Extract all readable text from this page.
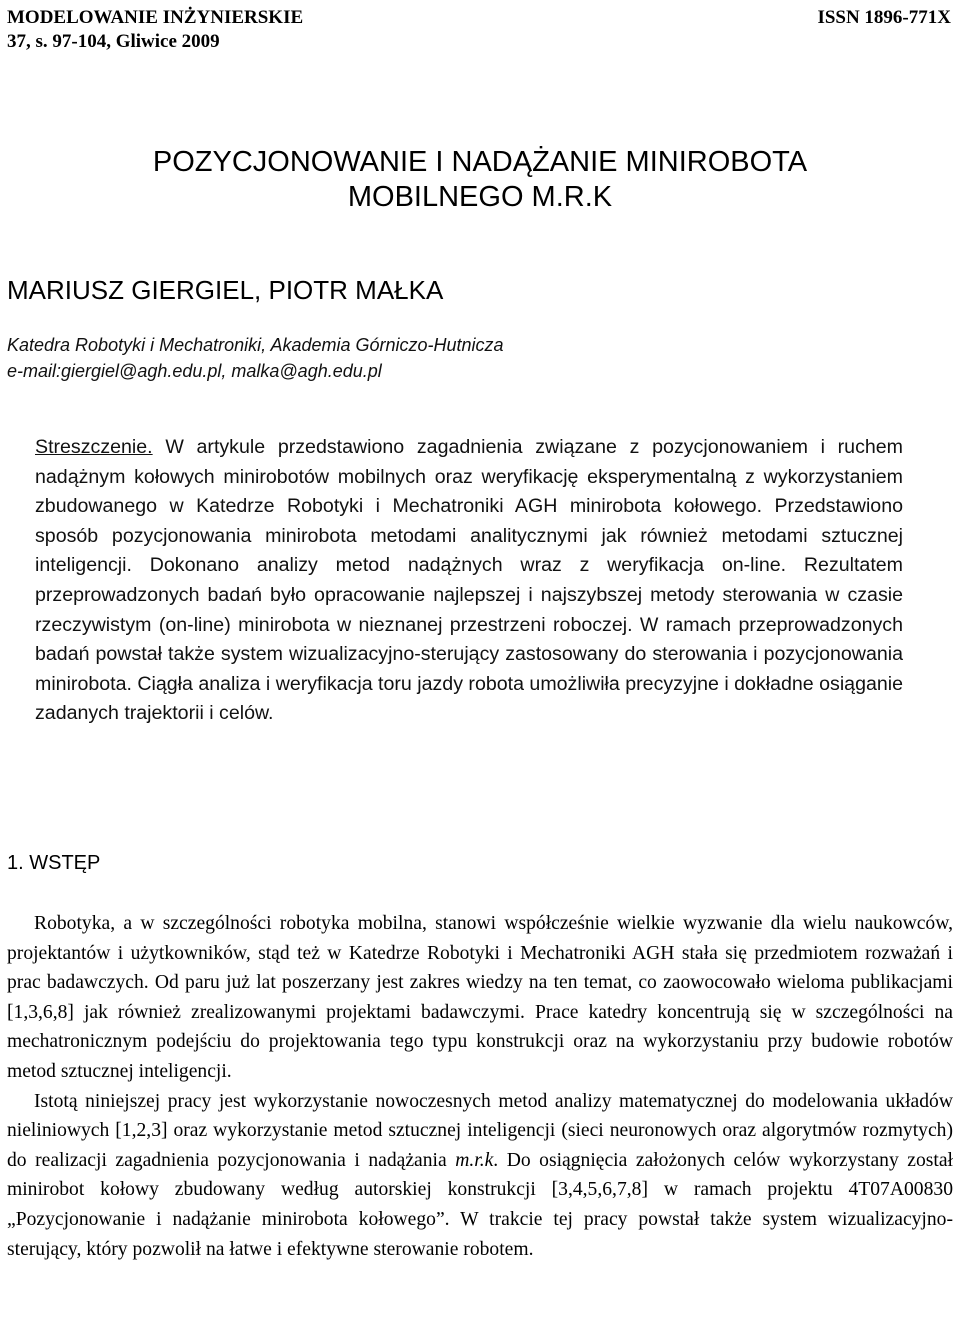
MODELOWANIE INŻYNIERSKIE
37, s. 97-104, Gliwice 2009
ISSN 1896-771X
POZYCJONOWANIE I NADĄŻANIE MINIROBOTA
MOBILNEGO M.R.K
MARIUSZ GIERGIEL, PIOTR MAŁKA
Katedra Robotyki i Mechatroniki, Akademia Górniczo-Hutnicza
e-mail:giergiel@agh.edu.pl, malka@agh.edu.pl
Streszczenie. W artykule przedstawiono zagadnienia związane z pozycjonowaniem i ruchem nadążnym kołowych minirobotów mobilnych oraz weryfikację eksperymentalną z wykorzystaniem zbudowanego w Katedrze Robotyki i Mechatroniki AGH minirobota kołowego. Przedstawiono sposób pozycjonowania minirobota metodami analitycznymi jak również metodami sztucznej inteligencji. Dokonano analizy metod nadążnych wraz z weryfikacja on-line. Rezultatem przeprowadzonych badań było opracowanie najlepszej i najszybszej metody sterowania w czasie rzeczywistym (on-line) minirobota w nieznanej przestrzeni roboczej. W ramach przeprowadzonych badań powstał także system wizualizacyjno-sterujący zastosowany do sterowania i pozycjonowania minirobota. Ciągła analiza i weryfikacja toru jazdy robota umożliwiła precyzyjne i dokładne osiąganie zadanych trajektorii i celów.
1. WSTĘP

Robotyka, a w szczególności robotyka mobilna, stanowi współcześnie wielkie wyzwanie dla wielu naukowców, projektantów i użytkowników, stąd też w Katedrze Robotyki i Mechatroniki AGH stała się przedmiotem rozważań i prac badawczych. Od paru już lat poszerzany jest zakres wiedzy na ten temat, co zaowocowało wieloma publikacjami [1,3,6,8] jak również zrealizowanymi projektami badawczymi. Prace katedry koncentrują się w szczególności na mechatronicznym podejściu do projektowania tego typu konstrukcji oraz na wykorzystaniu przy budowie robotów metod sztucznej inteligencji.

Istotą niniejszej pracy jest wykorzystanie nowoczesnych metod analizy matematycznej do modelowania układów nieliniowych [1,2,3] oraz wykorzystanie metod sztucznej inteligencji (sieci neuronowych oraz algorytmów rozmytych) do realizacji zagadnienia pozycjonowania i nadążania m.r.k. Do osiągnięcia założonych celów wykorzystany został minirobot kołowy zbudowany według autorskiej konstrukcji [3,4,5,6,7,8] w ramach projektu 4T07A00830 „Pozycjonowanie i nadążanie minirobota kołowego”. W trakcie tej pracy powstał także system wizualizacyjno-sterujący, który pozwolił na łatwe i efektywne sterowanie robotem.
